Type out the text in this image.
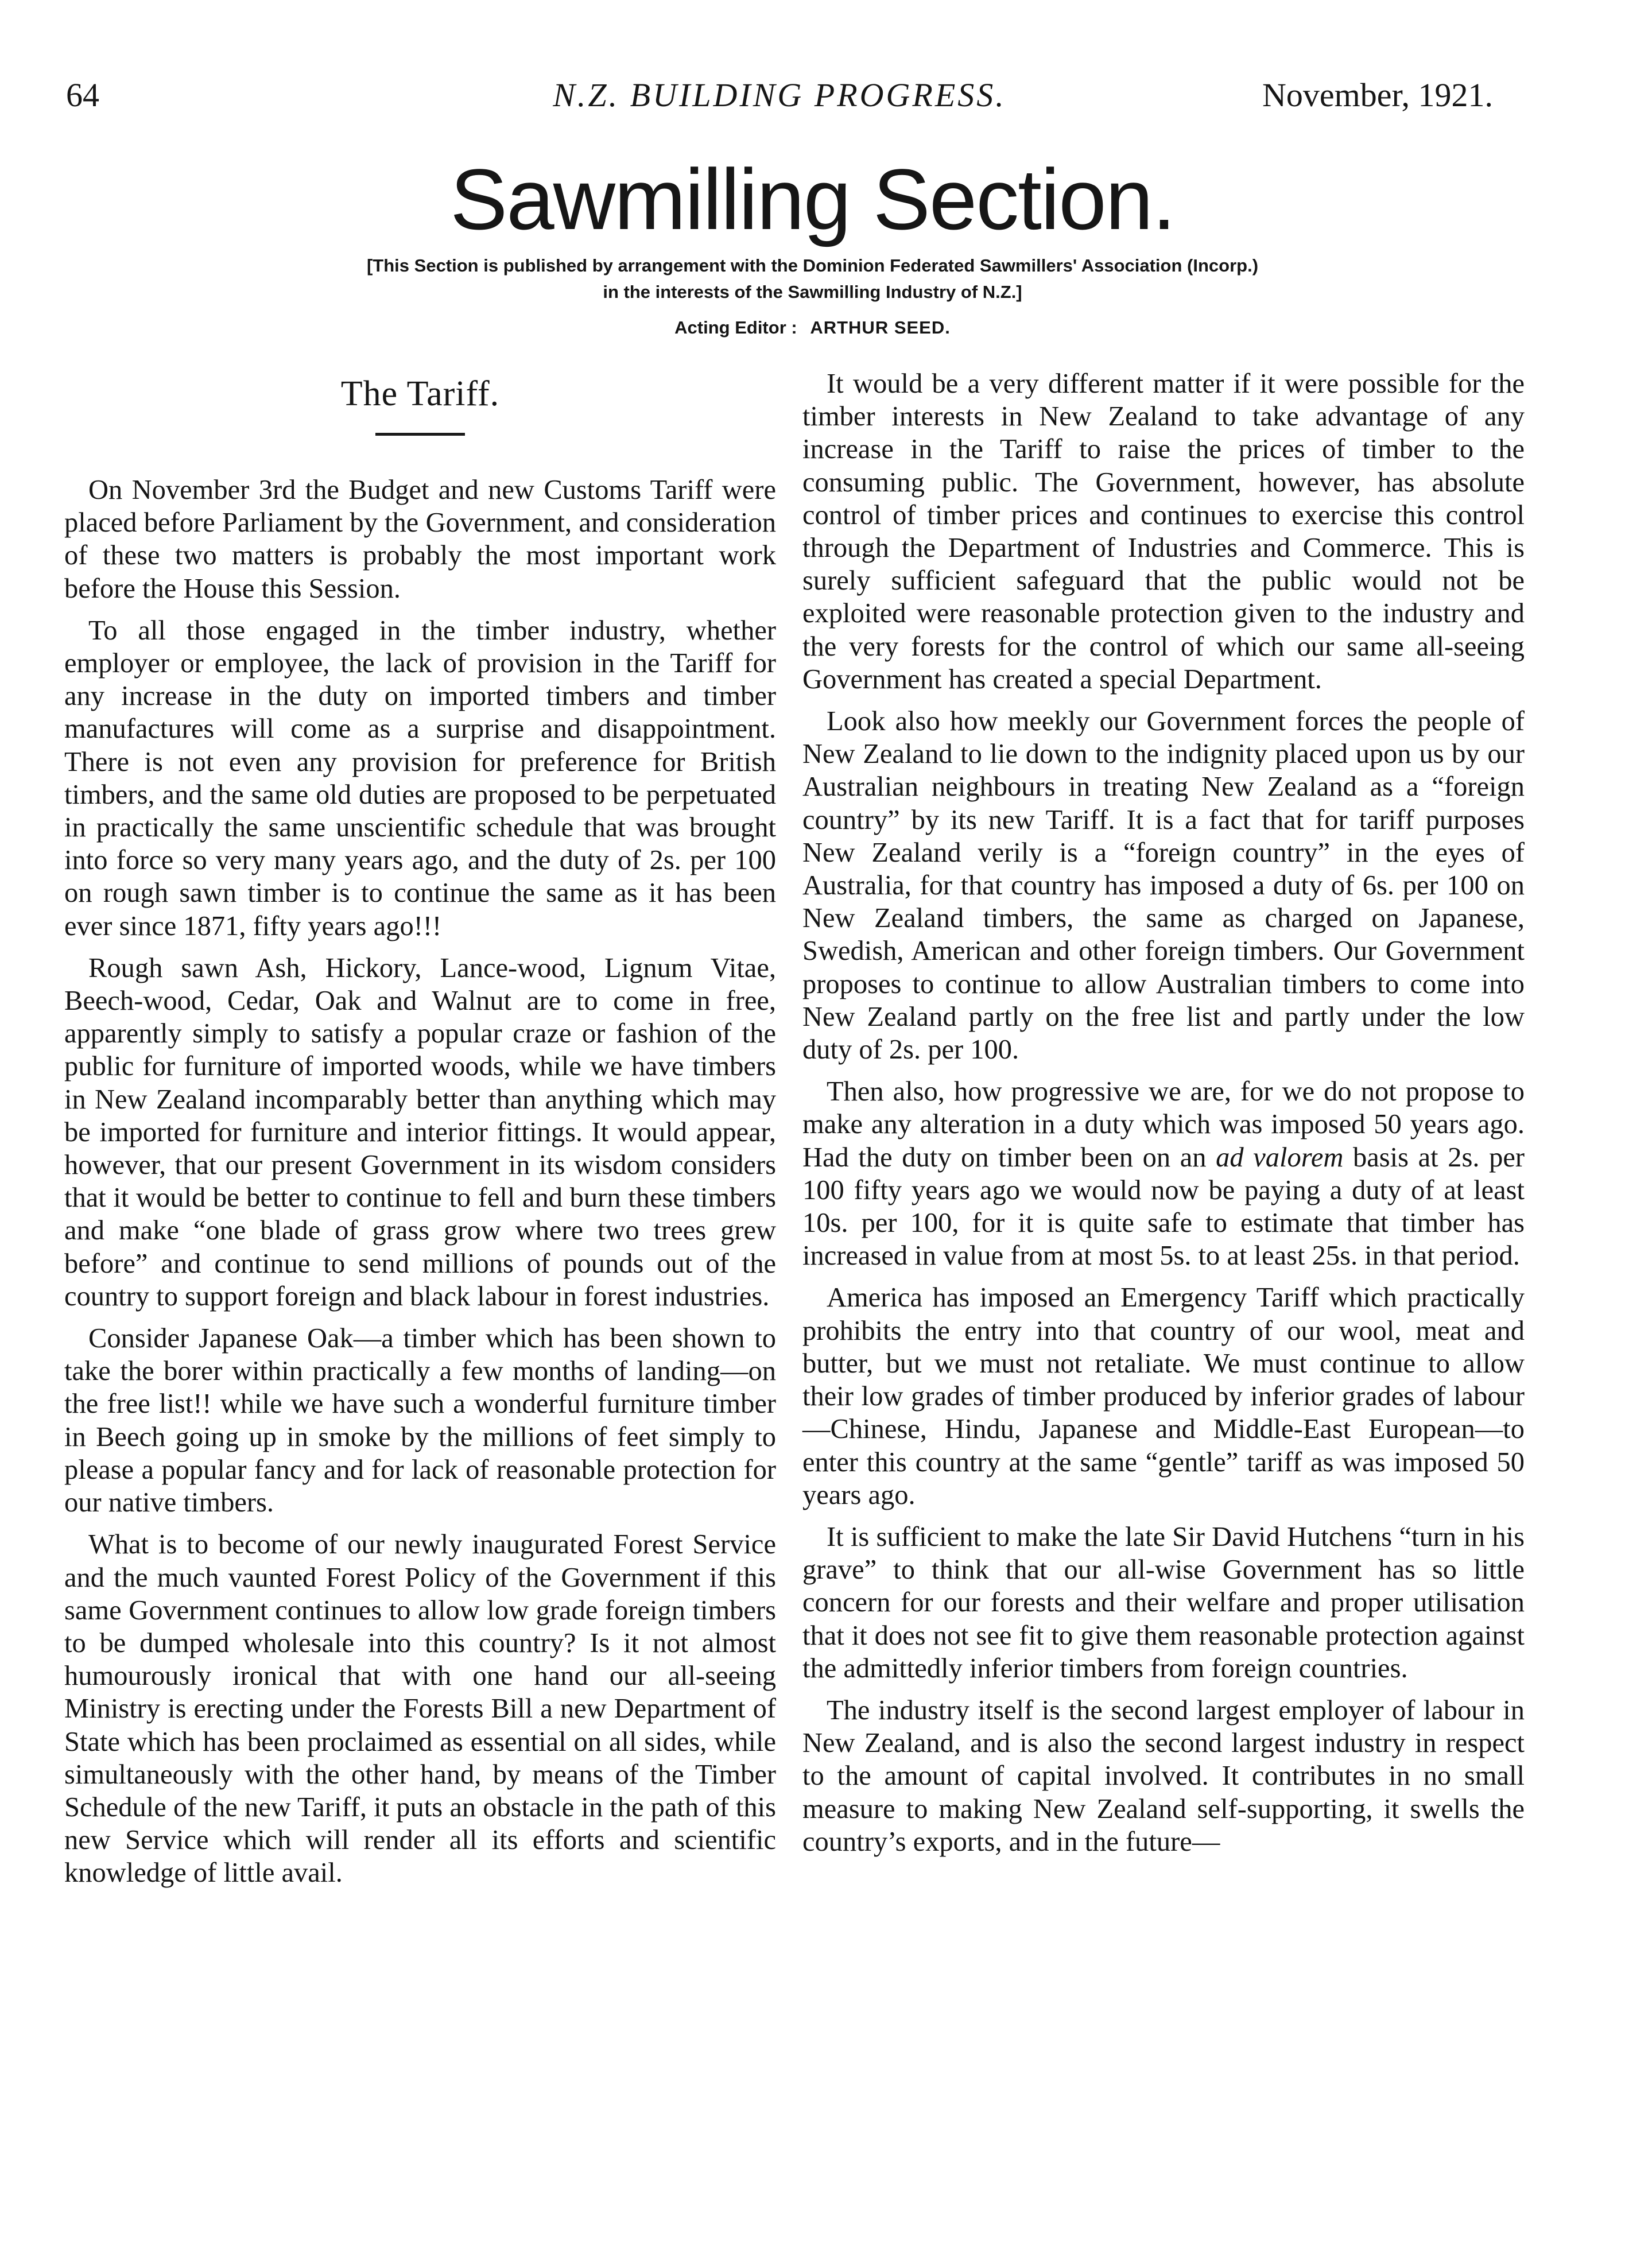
64	N.Z. BUILDING PROGRESS.	November, 1921.
Sawmilling Section.
[This Section is published by arrangement with the Dominion Federated Sawmillers' Association (Incorp.)
in the interests of the Sawmilling Industry of N.Z.]
Acting Editor : ARTHUR SEED.
The Tariff.

On November 3rd the Budget and new Customs Tariff were placed before Parliament by the Government, and consideration of these two matters is probably the most important work before the House this Session.

To all those engaged in the timber industry, whether employer or employee, the lack of provision in the Tariff for any increase in the duty on imported timbers and timber manufactures will come as a surprise and disappointment. There is not even any provision for preference for British timbers, and the same old duties are proposed to be perpetuated in practically the same unscientific schedule that was brought into force so very many years ago, and the duty of 2s. per 100 on rough sawn timber is to continue the same as it has been ever since 1871, fifty years ago!!!

Rough sawn Ash, Hickory, Lance-wood, Lignum Vitae, Beech-wood, Cedar, Oak and Walnut are to come in free, apparently simply to satisfy a popular craze or fashion of the public for furniture of imported woods, while we have timbers in New Zealand incomparably better than anything which may be imported for furniture and interior fittings. It would appear, however, that our present Government in its wisdom considers that it would be better to continue to fell and burn these timbers and make “one blade of grass grow where two trees grew before” and continue to send millions of pounds out of the country to support foreign and black labour in forest industries.

Consider Japanese Oak—a timber which has been shown to take the borer within practically a few months of landing—on the free list!! while we have such a wonderful furniture timber in Beech going up in smoke by the millions of feet simply to please a popular fancy and for lack of reasonable protection for our native timbers.

What is to become of our newly inaugurated Forest Service and the much vaunted Forest Policy of the Government if this same Government continues to allow low grade foreign timbers to be dumped wholesale into this country? Is it not almost humourously ironical that with one hand our all-seeing Ministry is erecting under the Forests Bill a new Department of State which has been proclaimed as essential on all sides, while simultaneously with the other hand, by means of the Timber Schedule of the new Tariff, it puts an obstacle in the path of this new Service which will render all its efforts and scientific knowledge of little avail.

It would be a very different matter if it were possible for the timber interests in New Zealand to take advantage of any increase in the Tariff to raise the prices of timber to the consuming public. The Government, however, has absolute control of timber prices and continues to exercise this control through the Department of Industries and Commerce. This is surely sufficient safeguard that the public would not be exploited were reasonable protection given to the industry and the very forests for the control of which our same all-seeing Government has created a special Department.

Look also how meekly our Government forces the people of New Zealand to lie down to the indignity placed upon us by our Australian neighbours in treating New Zealand as a “foreign country” by its new Tariff. It is a fact that for tariff purposes New Zealand verily is a “foreign country” in the eyes of Australia, for that country has imposed a duty of 6s. per 100 on New Zealand timbers, the same as charged on Japanese, Swedish, American and other foreign timbers. Our Government proposes to continue to allow Australian timbers to come into New Zealand partly on the free list and partly under the low duty of 2s. per 100.

Then also, how progressive we are, for we do not propose to make any alteration in a duty which was imposed 50 years ago. Had the duty on timber been on an ad valorem basis at 2s. per 100 fifty years ago we would now be paying a duty of at least 10s. per 100, for it is quite safe to estimate that timber has increased in value from at most 5s. to at least 25s. in that period.

America has imposed an Emergency Tariff which practically prohibits the entry into that country of our wool, meat and butter, but we must not retaliate. We must continue to allow their low grades of timber produced by inferior grades of labour—Chinese, Hindu, Japanese and Middle-East European—to enter this country at the same “gentle” tariff as was imposed 50 years ago.

It is sufficient to make the late Sir David Hutchens “turn in his grave” to think that our all-wise Government has so little concern for our forests and their welfare and proper utilisation that it does not see fit to give them reasonable protection against the admittedly inferior timbers from foreign countries.

The industry itself is the second largest employer of labour in New Zealand, and is also the second largest industry in respect to the amount of capital involved. It contributes in no small measure to making New Zealand self-supporting, it swells the country’s exports, and in the future—
